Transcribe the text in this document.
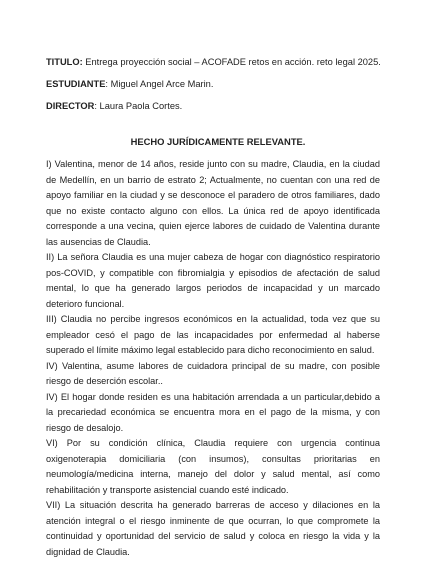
TITULO: Entrega proyección social – ACOFADE retos en acción. reto legal 2025.

ESTUDIANTE: Miguel Angel Arce Marin.

DIRECTOR: Laura Paola Cortes.

HECHO JURÍDICAMENTE RELEVANTE.

I) Valentina, menor de 14 años, reside junto con su madre, Claudia, en la ciudad de Medellín, en un barrio de estrato 2; Actualmente, no cuentan con una red de apoyo familiar en la ciudad y se desconoce el paradero de otros familiares, dado que no existe contacto alguno con ellos. La única red de apoyo identificada corresponde a una vecina, quien ejerce labores de cuidado de Valentina durante las ausencias de Claudia.

II) La señora Claudia es una mujer cabeza de hogar con diagnóstico respiratorio pos-COVID, y compatible con fibromialgia y episodios de afectación de salud mental, lo que ha generado largos periodos de incapacidad y un marcado deterioro funcional.

III) Claudia no percibe ingresos económicos en la actualidad, toda vez que su empleador cesó el pago de las incapacidades por enfermedad al haberse superado el límite máximo legal establecido para dicho reconocimiento en salud.

IV) Valentina, asume labores de cuidadora principal de su madre, con posible riesgo de deserción escolar..

IV) El hogar donde residen es una habitación arrendada a un particular,debido a la precariedad económica se encuentra mora en el pago de la misma, y con riesgo de desalojo.

VI) Por su condición clínica, Claudia requiere con urgencia continua oxigenoterapia domiciliaria (con insumos), consultas prioritarias en neumología/medicina interna, manejo del dolor y salud mental, así como rehabilitación y transporte asistencial cuando esté indicado.

VII) La situación descrita ha generado barreras de acceso y dilaciones en la atención integral o el riesgo inminente de que ocurran, lo que compromete la continuidad y oportunidad del servicio de salud y coloca en riesgo la vida y la dignidad de Claudia.
